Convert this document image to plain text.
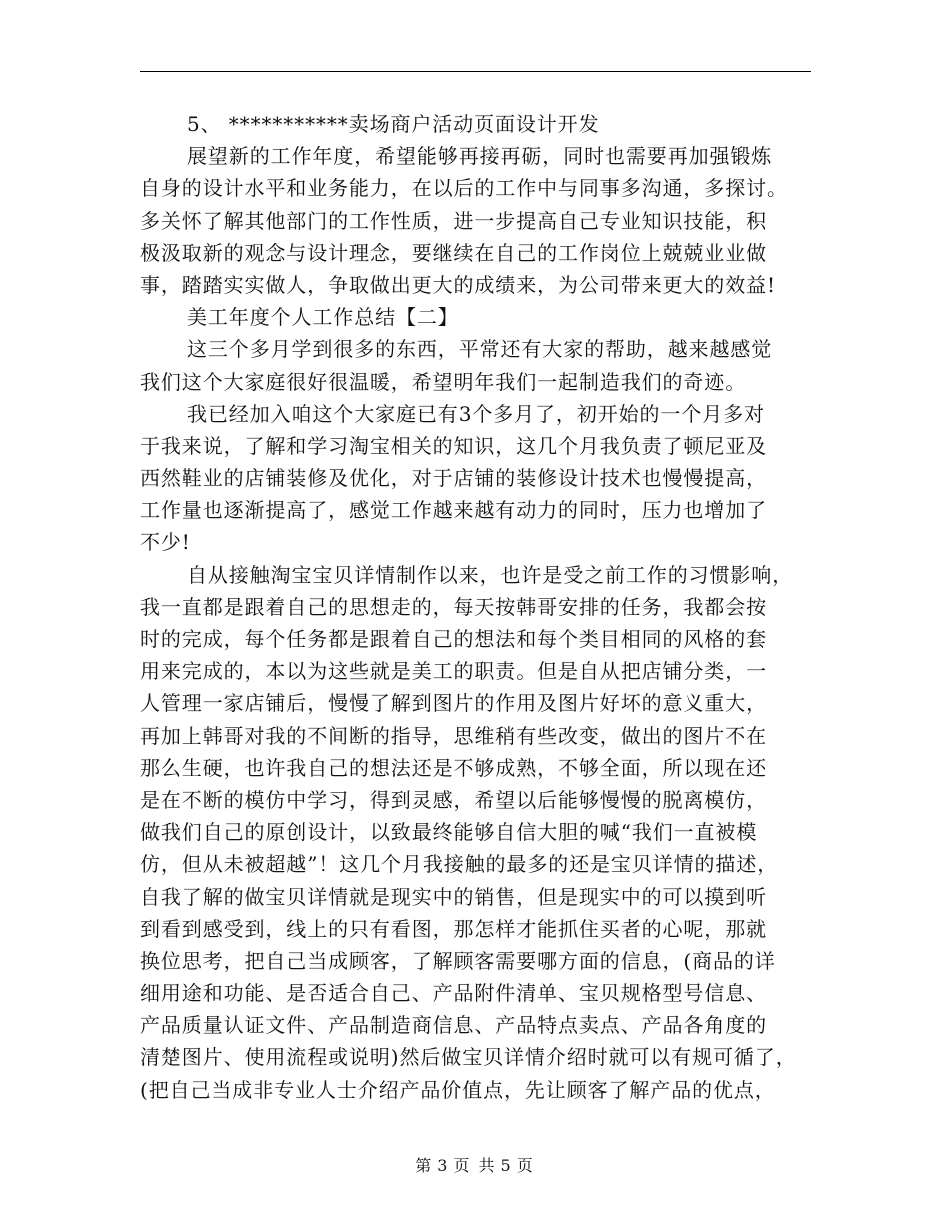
5、 ***********卖场商户活动页面设计开发
展望新的工作年度，希望能够再接再砺，同时也需要再加强锻炼
自身的设计水平和业务能力，在以后的工作中与同事多沟通，多探讨。
多关怀了解其他部门的工作性质，进一步提高自己专业知识技能，积
极汲取新的观念与设计理念，要继续在自己的工作岗位上兢兢业业做
事，踏踏实实做人，争取做出更大的成绩来，为公司带来更大的效益!
美工年度个人工作总结【二】
这三个多月学到很多的东西，平常还有大家的帮助，越来越感觉
我们这个大家庭很好很温暖，希望明年我们一起制造我们的奇迹。
我已经加入咱这个大家庭已有3个多月了，初开始的一个月多对
于我来说，了解和学习淘宝相关的知识，这几个月我负责了顿尼亚及
西然鞋业的店铺装修及优化，对于店铺的装修设计技术也慢慢提高，
工作量也逐渐提高了，感觉工作越来越有动力的同时，压力也增加了
不少!
自从接触淘宝宝贝详情制作以来，也许是受之前工作的习惯影响，
我一直都是跟着自己的思想走的，每天按韩哥安排的任务，我都会按
时的完成，每个任务都是跟着自己的想法和每个类目相同的风格的套
用来完成的，本以为这些就是美工的职责。但是自从把店铺分类，一
人管理一家店铺后，慢慢了解到图片的作用及图片好坏的意义重大，
再加上韩哥对我的不间断的指导，思维稍有些改变，做出的图片不在
那么生硬，也许我自己的想法还是不够成熟，不够全面，所以现在还
是在不断的模仿中学习，得到灵感，希望以后能够慢慢的脱离模仿，
做我们自己的原创设计，以致最终能够自信大胆的喊“我们一直被模
仿，但从未被超越”！这几个月我接触的最多的还是宝贝详情的描述，
自我了解的做宝贝详情就是现实中的销售，但是现实中的可以摸到听
到看到感受到，线上的只有看图，那怎样才能抓住买者的心呢，那就
换位思考，把自己当成顾客，了解顾客需要哪方面的信息，(商品的详
细用途和功能、是否适合自己、产品附件清单、宝贝规格型号信息、
产品质量认证文件、产品制造商信息、产品特点卖点、产品各角度的
清楚图片、使用流程或说明)然后做宝贝详情介绍时就可以有规可循了，
(把自己当成非专业人士介绍产品价值点，先让顾客了解产品的优点，
第 3 页 共 5 页
